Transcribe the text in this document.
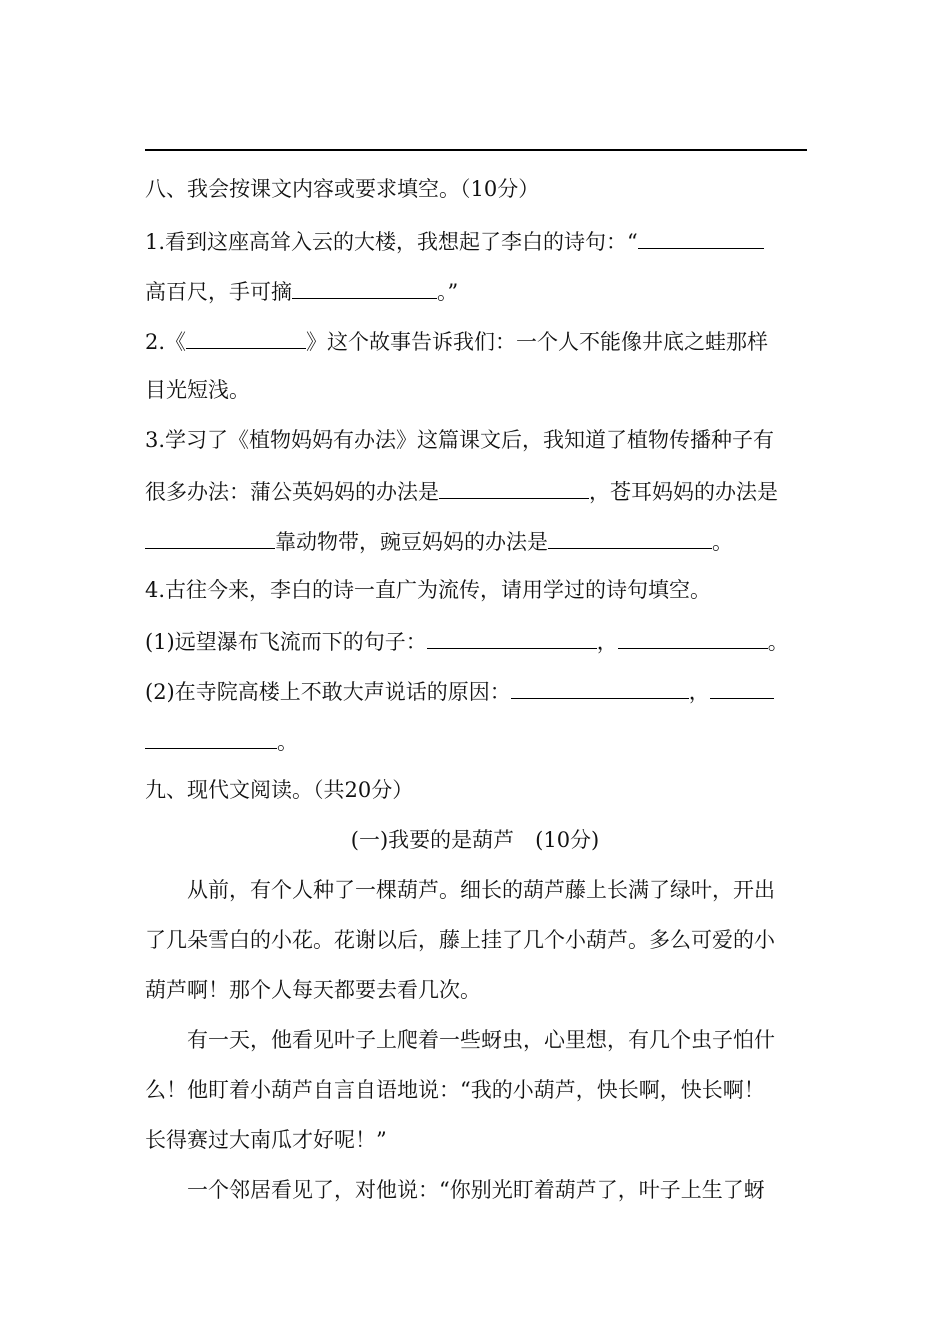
八、我会按课文内容或要求填空。（10分）
1.看到这座高耸入云的大楼，我想起了李白的诗句：“
高百尺，手可摘	。”
2.《	》这个故事告诉我们：一个人不能像井底之蛙那样
目光短浅。
3.学习了《植物妈妈有办法》这篇课文后，我知道了植物传播种子有
很多办法：蒲公英妈妈的办法是	，苍耳妈妈的办法是
靠动物带，豌豆妈妈的办法是	。
4.古往今来，李白的诗一直广为流传，请用学过的诗句填空。
(1)远望瀑布飞流而下的句子：	，	。
(2)在寺院高楼上不敢大声说话的原因：	，
。
九、现代文阅读。（共20分）
(一)我要的是葫芦　(10分)
　　从前，有个人种了一棵葫芦。细长的葫芦藤上长满了绿叶，开出
了几朵雪白的小花。花谢以后，藤上挂了几个小葫芦。多么可爱的小
葫芦啊！那个人每天都要去看几次。
　　有一天，他看见叶子上爬着一些蚜虫，心里想，有几个虫子怕什
么！他盯着小葫芦自言自语地说：“我的小葫芦，快长啊，快长啊！
长得赛过大南瓜才好呢！”
　　一个邻居看见了，对他说：“你别光盯着葫芦了，叶子上生了蚜
